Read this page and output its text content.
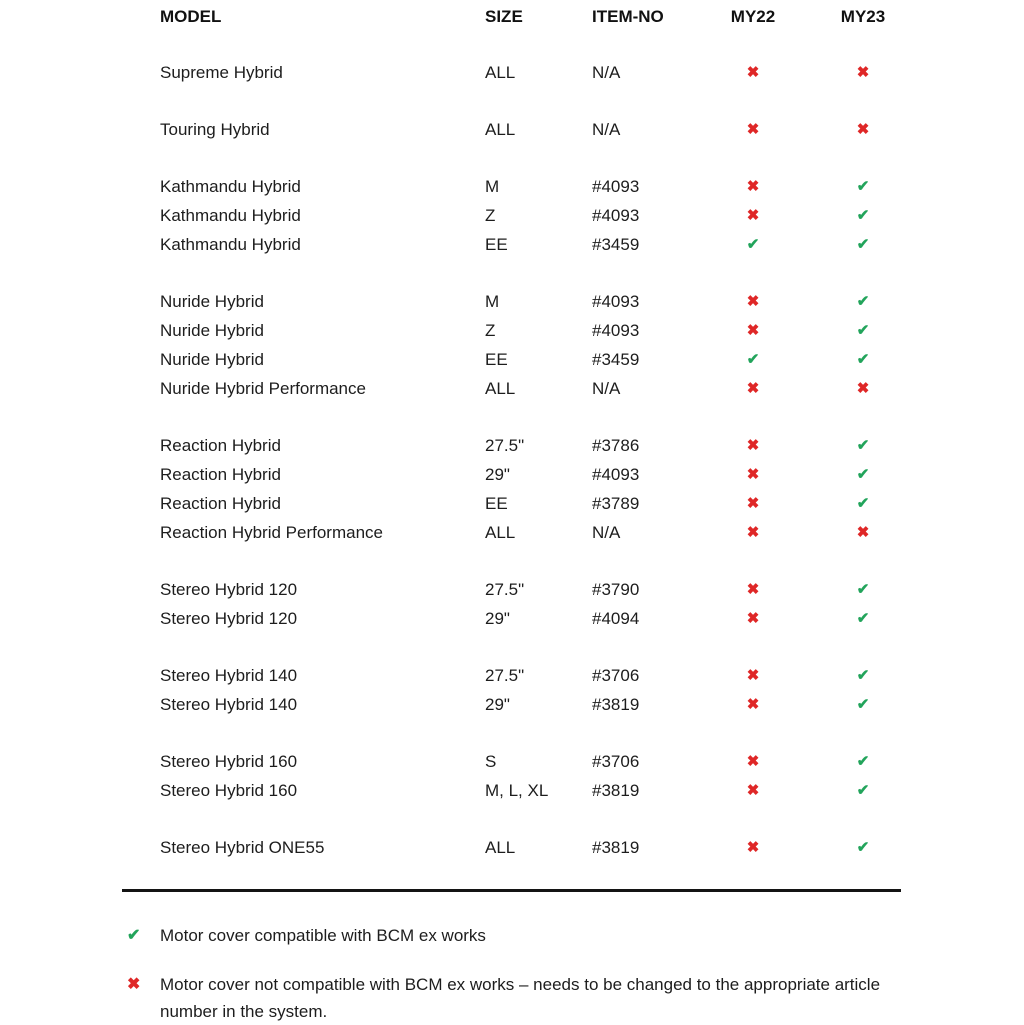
MODEL	SIZE	ITEM-NO	MY22	MY23
Supreme Hybrid	ALL	N/A	✖	✖
Touring Hybrid	ALL	N/A	✖	✖
Kathmandu Hybrid	M	#4093	✖	✔
Kathmandu Hybrid	Z	#4093	✖	✔
Kathmandu Hybrid	EE	#3459	✔	✔
Nuride Hybrid	M	#4093	✖	✔
Nuride Hybrid	Z	#4093	✖	✔
Nuride Hybrid	EE	#3459	✔	✔
Nuride Hybrid Performance	ALL	N/A	✖	✖
Reaction Hybrid	27.5"	#3786	✖	✔
Reaction Hybrid	29"	#4093	✖	✔
Reaction Hybrid	EE	#3789	✖	✔
Reaction Hybrid Performance	ALL	N/A	✖	✖
Stereo Hybrid 120	27.5"	#3790	✖	✔
Stereo Hybrid 120	29"	#4094	✖	✔
Stereo Hybrid 140	27.5"	#3706	✖	✔
Stereo Hybrid 140	29"	#3819	✖	✔
Stereo Hybrid 160	S	#3706	✖	✔
Stereo Hybrid 160	M, L, XL	#3819	✖	✔
Stereo Hybrid ONE55	ALL	#3819	✖	✔
✔	Motor cover compatible with BCM ex works
✖	Motor cover not compatible with BCM ex works – needs to be changed to the appropriate article number in the system.
